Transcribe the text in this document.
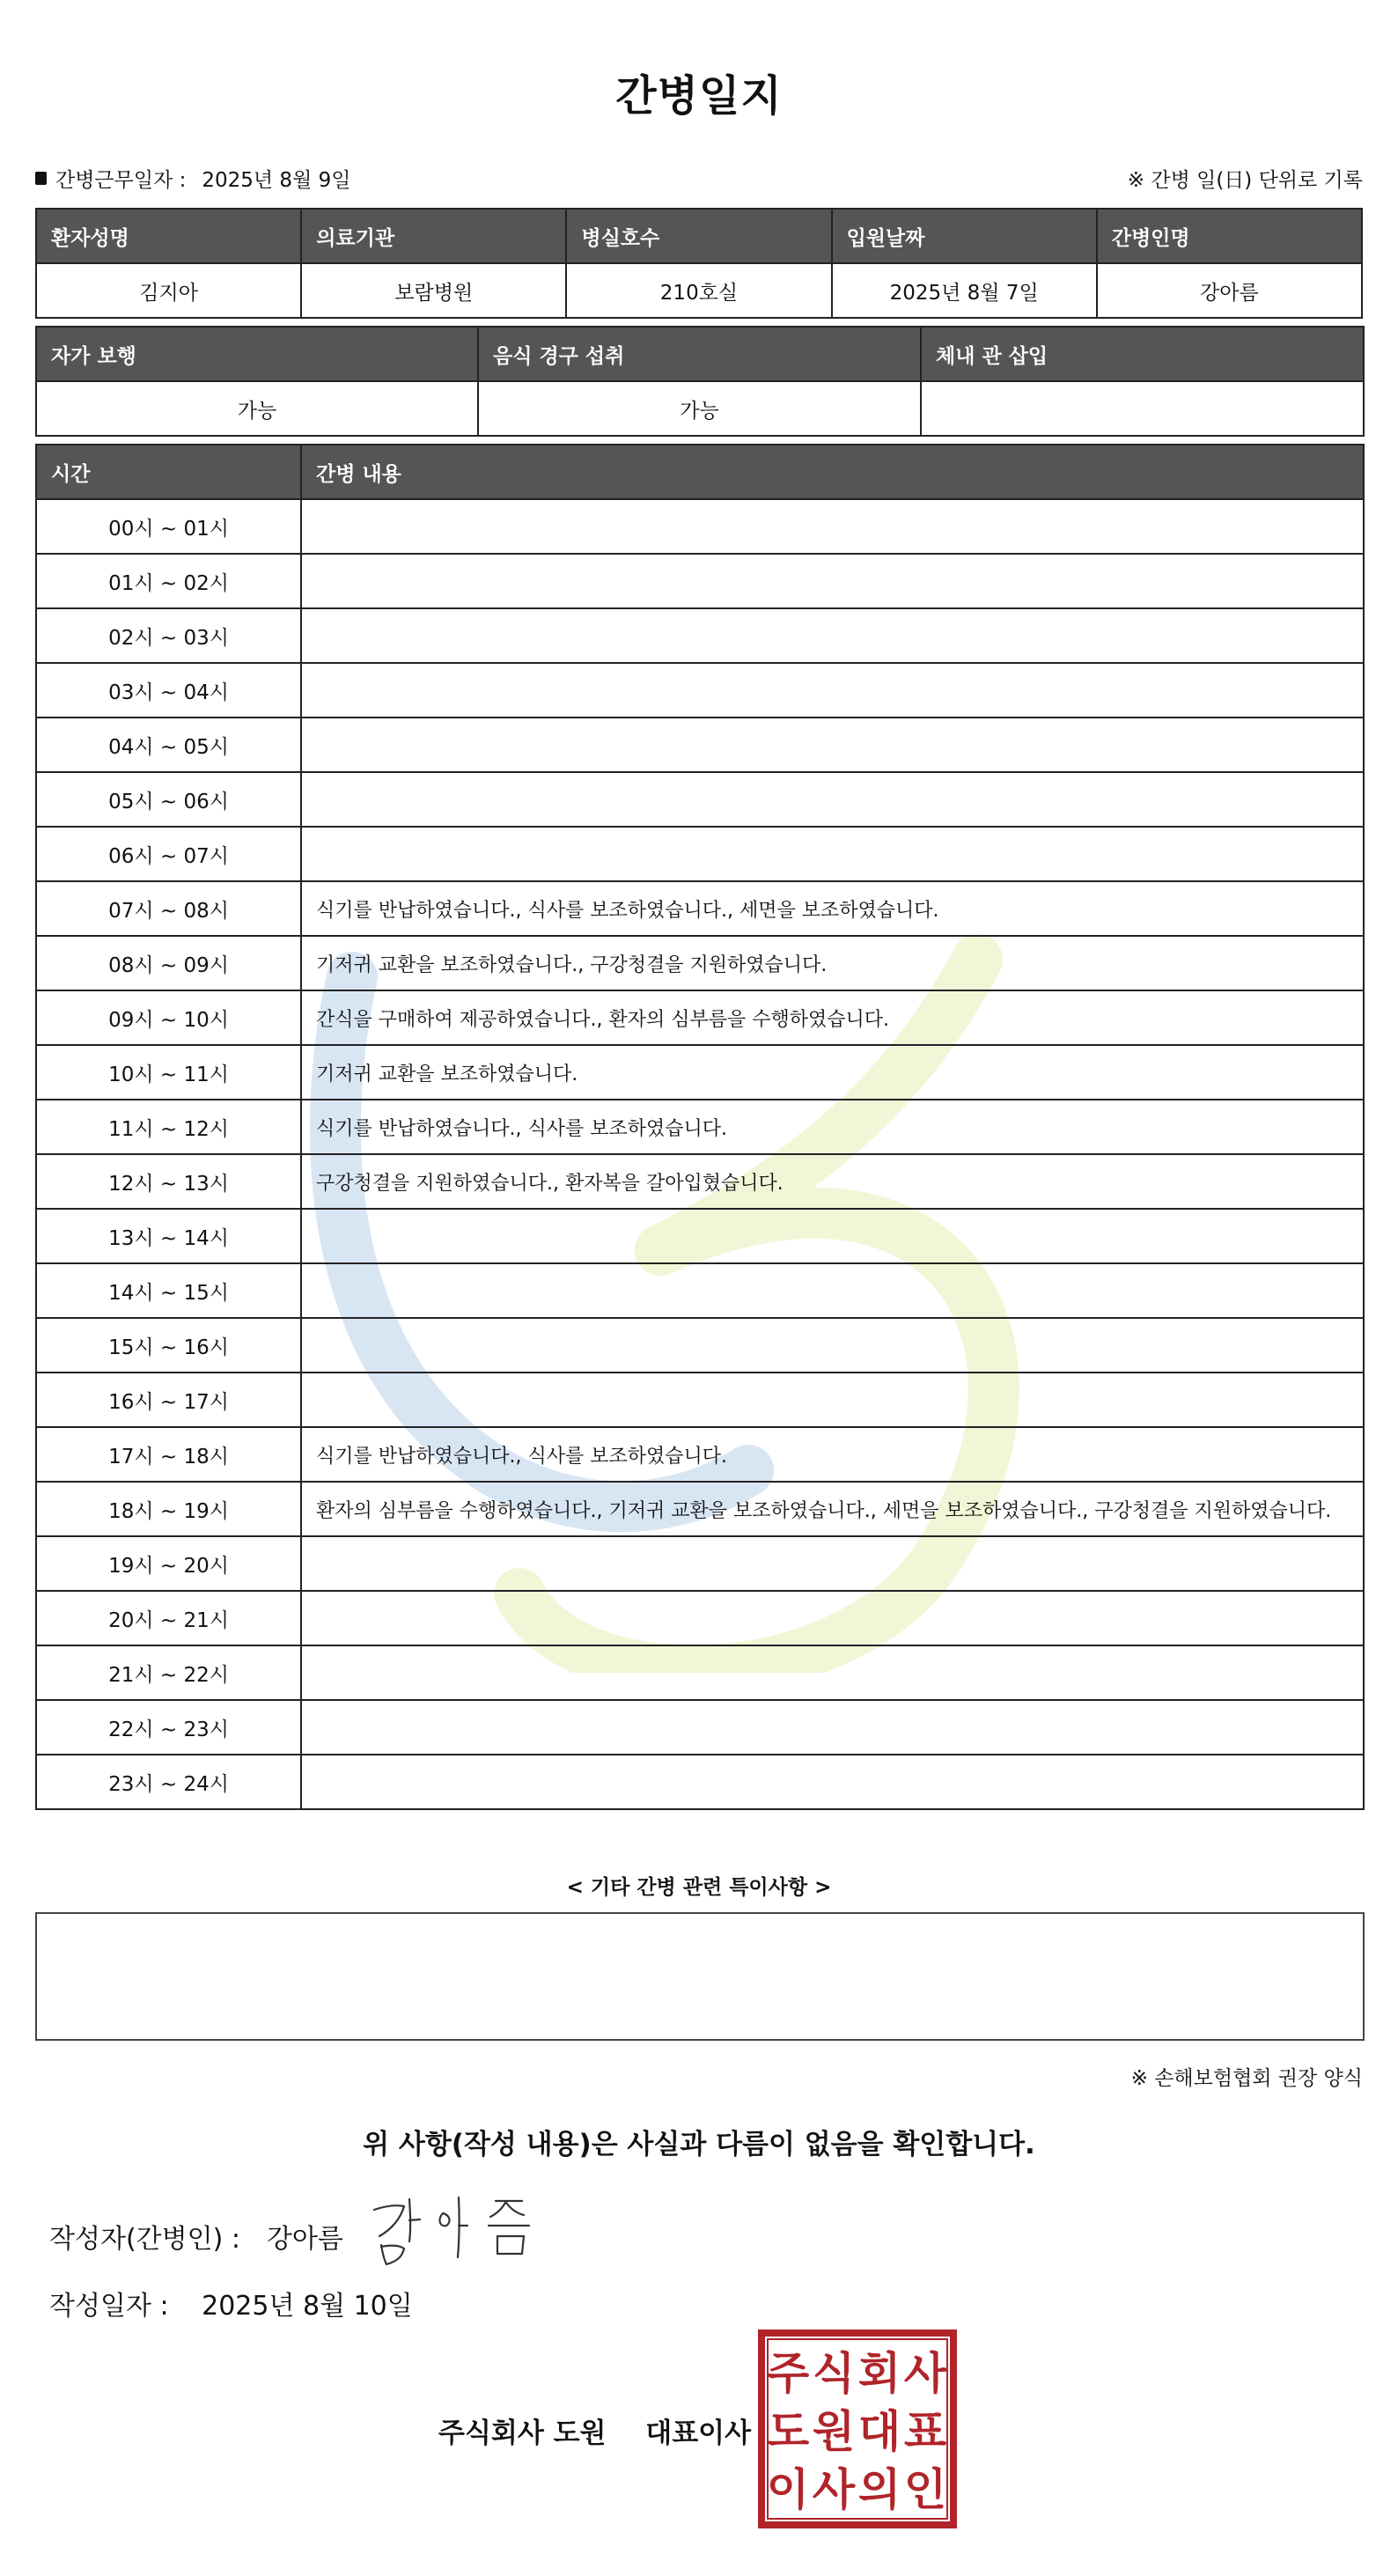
간병일지
간병근무일자 : 2025년 8월 9일	※ 간병 일(日) 단위로 기록
환자성명	의료기관	병실호수	입원날짜	간병인명
김지아	보람병원	210호실	2025년 8월 7일	강아름
자가 보행	음식 경구 섭취	체내 관 삽입
가능	가능	
시간	간병 내용
00시 ~ 01시	
01시 ~ 02시	
02시 ~ 03시	
03시 ~ 04시	
04시 ~ 05시	
05시 ~ 06시	
06시 ~ 07시	
07시 ~ 08시	식기를 반납하였습니다., 식사를 보조하였습니다., 세면을 보조하였습니다.
08시 ~ 09시	기저귀 교환을 보조하였습니다., 구강청결을 지원하였습니다.
09시 ~ 10시	간식을 구매하여 제공하였습니다., 환자의 심부름을 수행하였습니다.
10시 ~ 11시	기저귀 교환을 보조하였습니다.
11시 ~ 12시	식기를 반납하였습니다., 식사를 보조하였습니다.
12시 ~ 13시	구강청결을 지원하였습니다., 환자복을 갈아입혔습니다.
13시 ~ 14시	
14시 ~ 15시	
15시 ~ 16시	
16시 ~ 17시	
17시 ~ 18시	식기를 반납하였습니다., 식사를 보조하였습니다.
18시 ~ 19시	환자의 심부름을 수행하였습니다., 기저귀 교환을 보조하였습니다., 세면을 보조하였습니다., 구강청결을 지원하였습니다.
19시 ~ 20시	
20시 ~ 21시	
21시 ~ 22시	
22시 ~ 23시	
23시 ~ 24시	
< 기타 간병 관련 특이사항 >
※ 손해보험협회 권장 양식
위 사항(작성 내용)은 사실과 다름이 없음을 확인합니다.
작성자(간병인) : 강아름
작성일자 : 2025년 8월 10일
주식회사 도원 대표이사
주 식 회 사
도 원 대 표
이 사 의 인
